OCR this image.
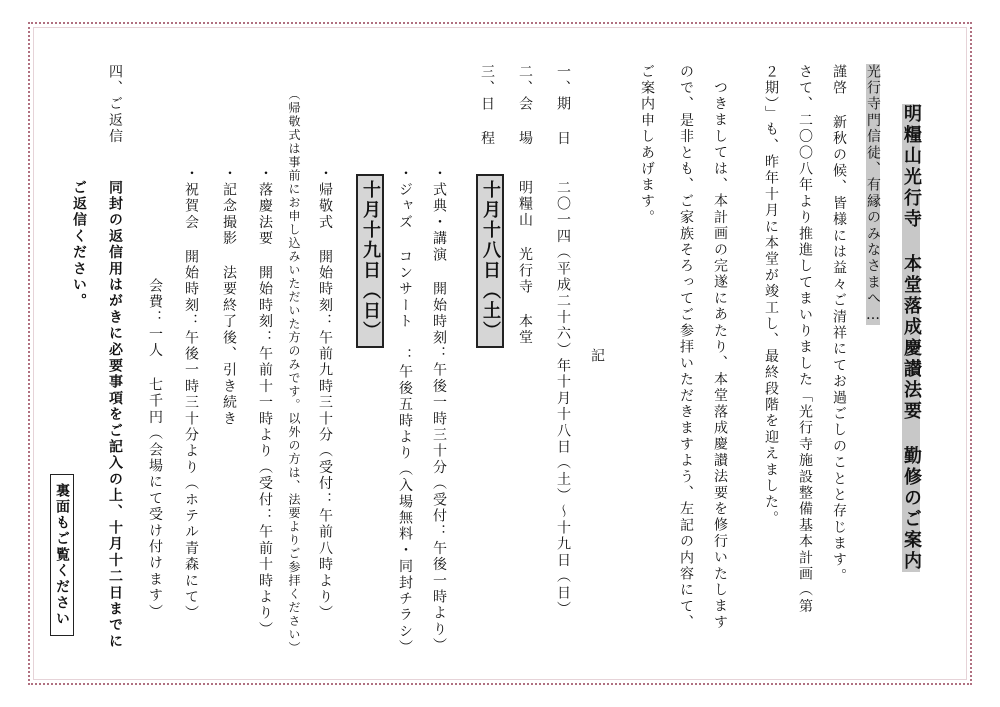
明糧山光行寺 本堂落成慶讃法要 勤修のご案内
光行寺門信徒、有縁のみなさまへ…
謹啓 新秋の候、皆様には益々ご清祥にてお過ごしのことと存じます。
さて、二〇〇八年より推進してまいりました「光行寺施設整備基本計画（第
２期）」も、昨年十月に本堂が竣工し、最終段階を迎えました。
つきましては、本計画の完遂にあたり、本堂落成慶讃法要を修行いたします
ので、是非とも、ご家族そろってご参拝いただきますよう、左記の内容にて、
ご案内申しあげます。
記
一、期 日
二〇一四（平成二十六）年十月十八日（土）～十九日（日）
二、会 場
明糧山 光行寺 本堂
三、日 程
十月十八日（土）
・式典・講演 開始時刻：午後一時三十分（受付：午後一時より）
・ジャズ コンサート ：午後五時より（入場無料・同封チラシ）
十月十九日（日）
・帰敬式 開始時刻：午前九時三十分（受付：午前八時より）
（帰敬式は事前にお申し込みいただいた方のみです。以外の方は、法要よりご参拝ください）
・落慶法要 開始時刻：午前十一時より（受付：午前十時より）
・記念撮影 法要終了後、引き続き
・祝賀会 開始時刻：午後一時三十分より（ホテル青森にて）
会費：一人 七千円（会場にて受け付けます）
四、ご返信
同封の返信用はがきに必要事項をご記入の上、十月十二日までに
ご返信ください。
裏面もご覧ください
